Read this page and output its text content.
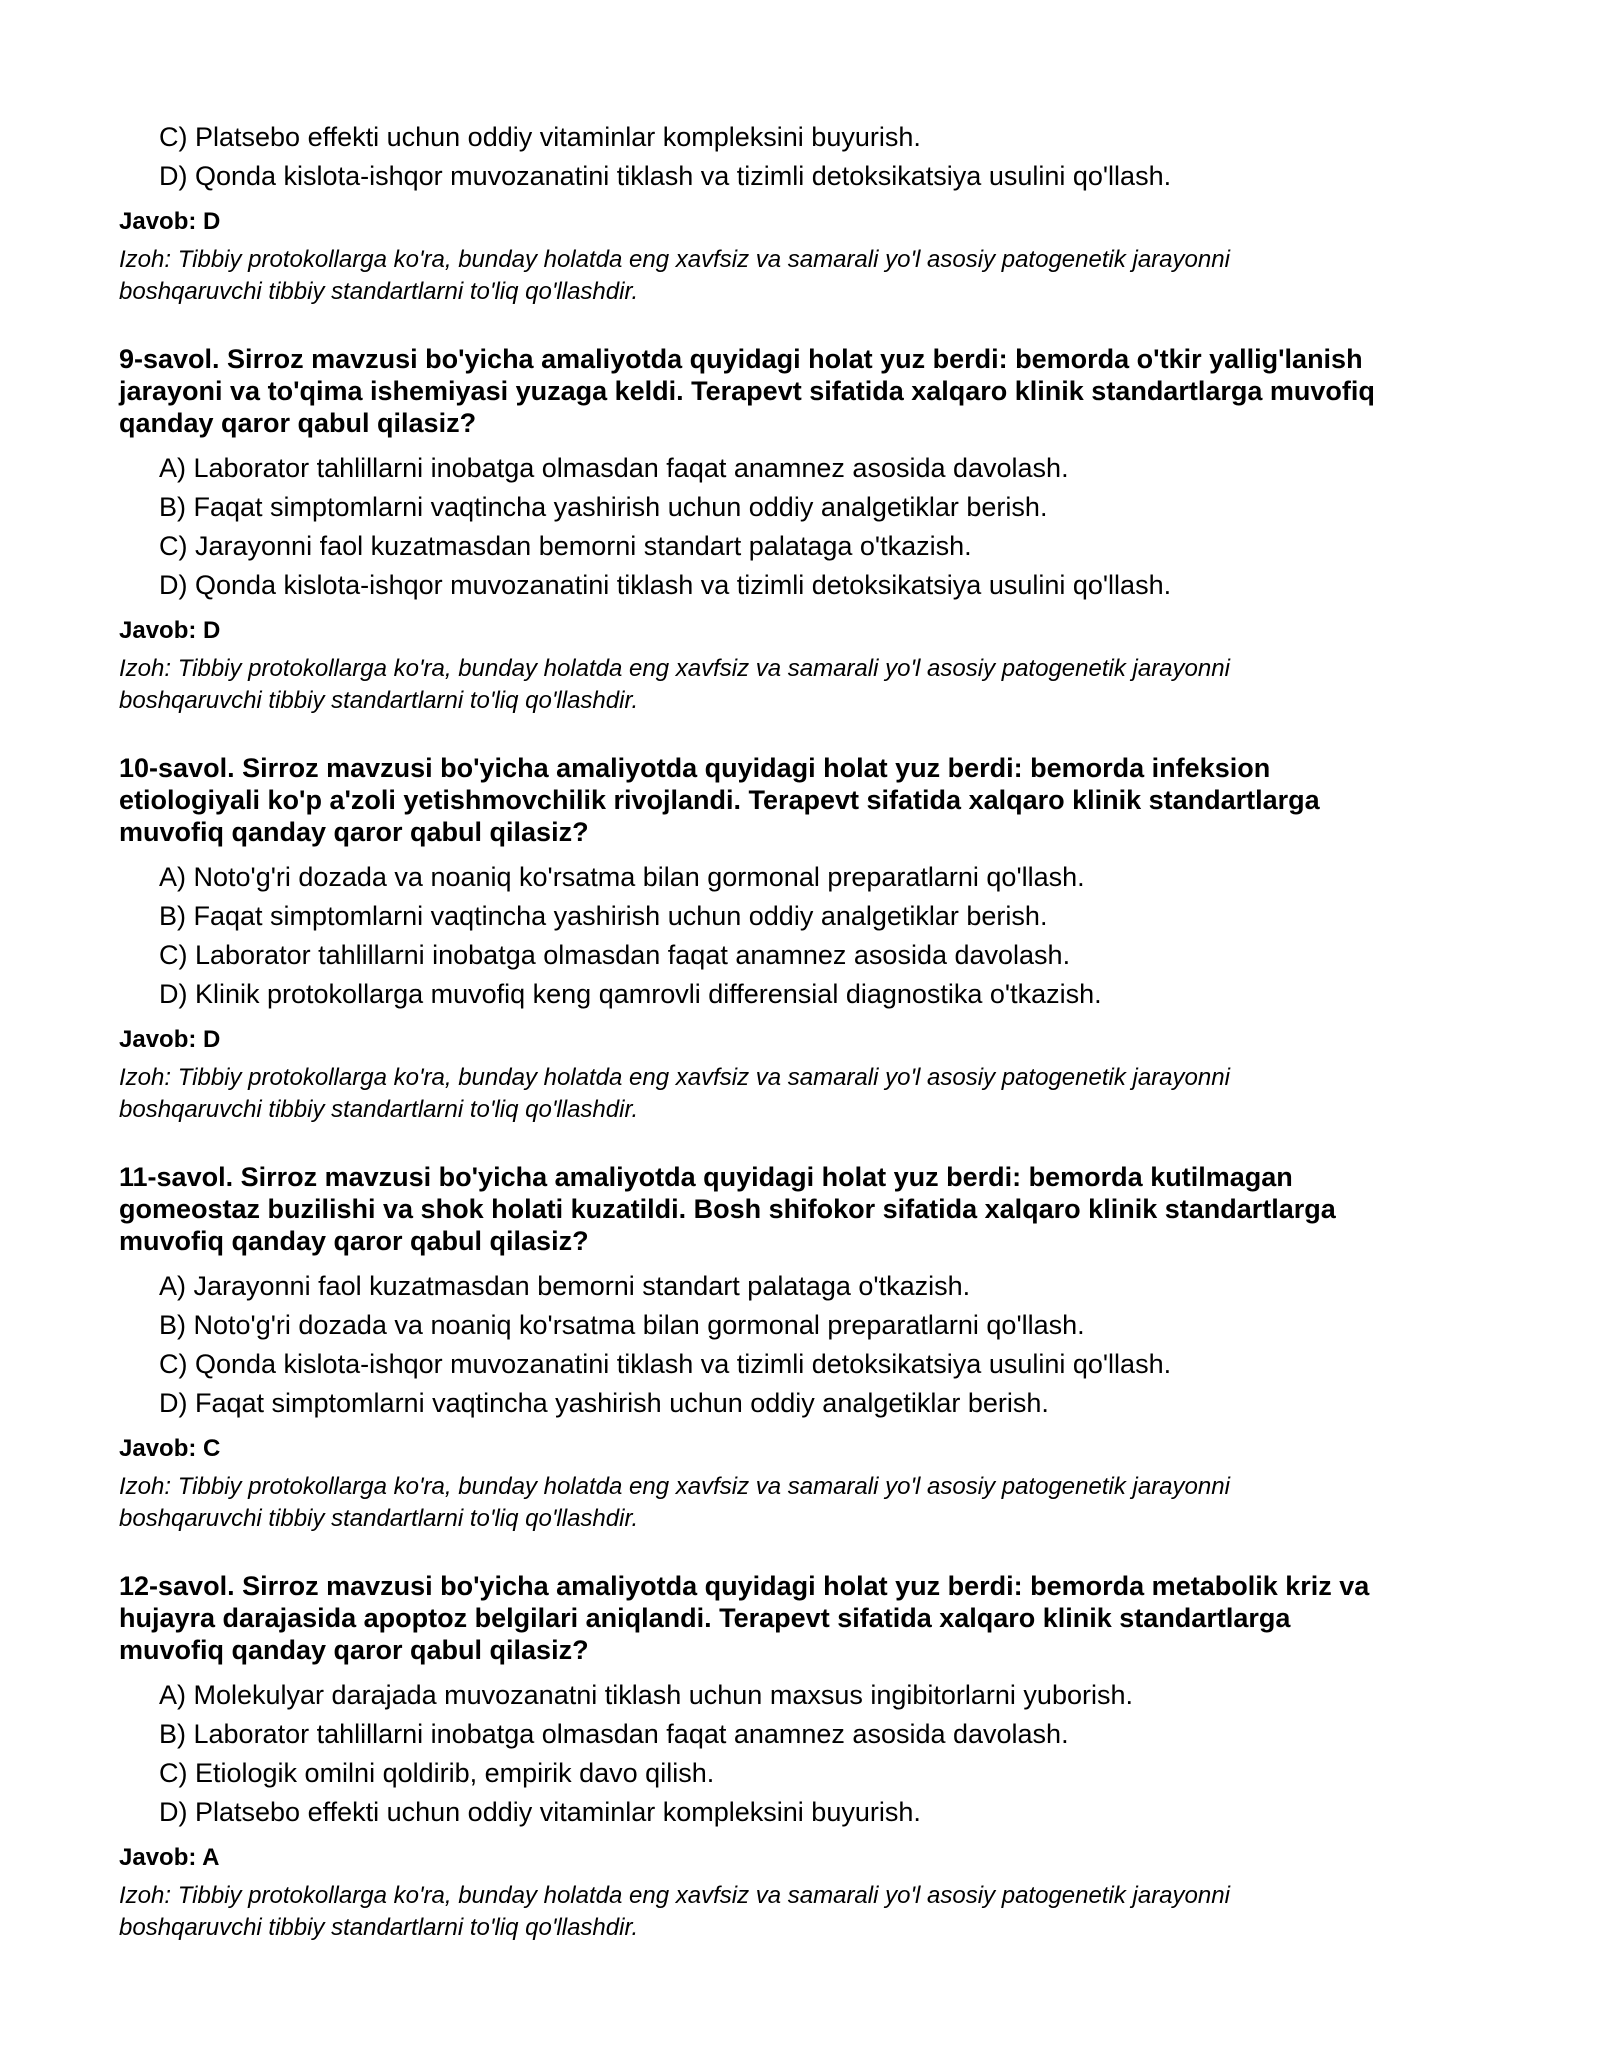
C) Platsebo effekti uchun oddiy vitaminlar kompleksini buyurish.

D) Qonda kislota-ishqor muvozanatini tiklash va tizimli detoksikatsiya usulini qo'llash.

Javob: D

Izoh: Tibbiy protokollarga ko'ra, bunday holatda eng xavfsiz va samarali yo'l asosiy patogenetik jarayonni
boshqaruvchi tibbiy standartlarni to'liq qo'llashdir.

9-savol. Sirroz mavzusi bo'yicha amaliyotda quyidagi holat yuz berdi: bemorda o'tkir yallig'lanish
jarayoni va to'qima ishemiyasi yuzaga keldi. Terapevt sifatida xalqaro klinik standartlarga muvofiq
qanday qaror qabul qilasiz?

A) Laborator tahlillarni inobatga olmasdan faqat anamnez asosida davolash.

B) Faqat simptomlarni vaqtincha yashirish uchun oddiy analgetiklar berish.

C) Jarayonni faol kuzatmasdan bemorni standart palataga o'tkazish.

D) Qonda kislota-ishqor muvozanatini tiklash va tizimli detoksikatsiya usulini qo'llash.

Javob: D

Izoh: Tibbiy protokollarga ko'ra, bunday holatda eng xavfsiz va samarali yo'l asosiy patogenetik jarayonni
boshqaruvchi tibbiy standartlarni to'liq qo'llashdir.

10-savol. Sirroz mavzusi bo'yicha amaliyotda quyidagi holat yuz berdi: bemorda infeksion
etiologiyali ko'p a'zoli yetishmovchilik rivojlandi. Terapevt sifatida xalqaro klinik standartlarga
muvofiq qanday qaror qabul qilasiz?

A) Noto'g'ri dozada va noaniq ko'rsatma bilan gormonal preparatlarni qo'llash.

B) Faqat simptomlarni vaqtincha yashirish uchun oddiy analgetiklar berish.

C) Laborator tahlillarni inobatga olmasdan faqat anamnez asosida davolash.

D) Klinik protokollarga muvofiq keng qamrovli differensial diagnostika o'tkazish.

Javob: D

Izoh: Tibbiy protokollarga ko'ra, bunday holatda eng xavfsiz va samarali yo'l asosiy patogenetik jarayonni
boshqaruvchi tibbiy standartlarni to'liq qo'llashdir.

11-savol. Sirroz mavzusi bo'yicha amaliyotda quyidagi holat yuz berdi: bemorda kutilmagan
gomeostaz buzilishi va shok holati kuzatildi. Bosh shifokor sifatida xalqaro klinik standartlarga
muvofiq qanday qaror qabul qilasiz?

A) Jarayonni faol kuzatmasdan bemorni standart palataga o'tkazish.

B) Noto'g'ri dozada va noaniq ko'rsatma bilan gormonal preparatlarni qo'llash.

C) Qonda kislota-ishqor muvozanatini tiklash va tizimli detoksikatsiya usulini qo'llash.

D) Faqat simptomlarni vaqtincha yashirish uchun oddiy analgetiklar berish.

Javob: C

Izoh: Tibbiy protokollarga ko'ra, bunday holatda eng xavfsiz va samarali yo'l asosiy patogenetik jarayonni
boshqaruvchi tibbiy standartlarni to'liq qo'llashdir.

12-savol. Sirroz mavzusi bo'yicha amaliyotda quyidagi holat yuz berdi: bemorda metabolik kriz va
hujayra darajasida apoptoz belgilari aniqlandi. Terapevt sifatida xalqaro klinik standartlarga
muvofiq qanday qaror qabul qilasiz?

A) Molekulyar darajada muvozanatni tiklash uchun maxsus ingibitorlarni yuborish.

B) Laborator tahlillarni inobatga olmasdan faqat anamnez asosida davolash.

C) Etiologik omilni qoldirib, empirik davo qilish.

D) Platsebo effekti uchun oddiy vitaminlar kompleksini buyurish.

Javob: A

Izoh: Tibbiy protokollarga ko'ra, bunday holatda eng xavfsiz va samarali yo'l asosiy patogenetik jarayonni
boshqaruvchi tibbiy standartlarni to'liq qo'llashdir.
